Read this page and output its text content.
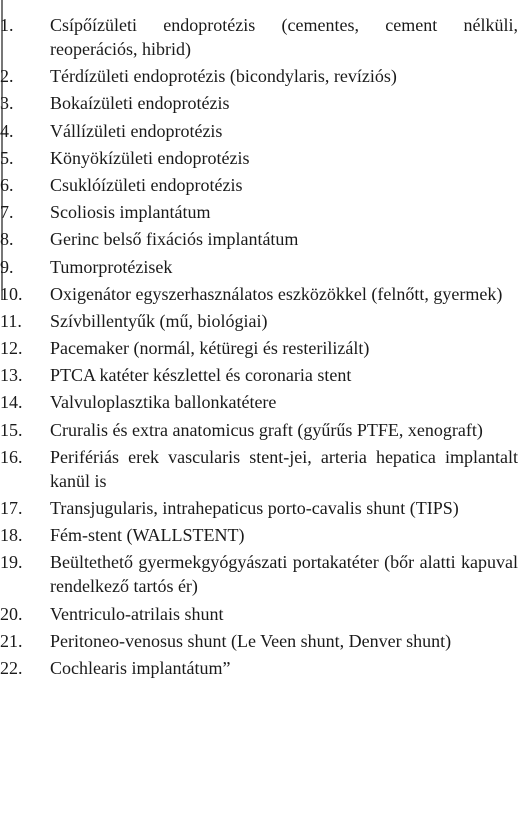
1.	Csípőízületi endoprotézis (cementes, cement nélküli, reoperációs, hibrid)
2.	Térdízületi endoprotézis (bicondylaris, revíziós)
3.	Bokaízületi endoprotézis
4.	Vállízületi endoprotézis
5.	Könyökízületi endoprotézis
6.	Csuklóízületi endoprotézis
7.	Scoliosis implantátum
8.	Gerinc belső fixációs implantátum
9.	Tumorprotézisek
10.	Oxigenátor egyszerhasználatos eszközökkel (felnőtt, gyermek)
11.	Szívbillentyűk (mű, biológiai)
12.	Pacemaker (normál, kétüregi és resterilizált)
13.	PTCA katéter készlettel és coronaria stent
14.	Valvuloplasztika ballonkatétere
15.	Cruralis és extra anatomicus graft (gyűrűs PTFE, xenograft)
16.	Perifériás erek vascularis stent-jei, arteria hepatica implantalt kanül is
17.	Transjugularis, intrahepaticus porto-cavalis shunt (TIPS)
18.	Fém-stent (WALLSTENT)
19.	Beültethető gyermekgyógyászati portakatéter (bőr alatti kapuval rendelkező tartós ér)
20.	Ventriculo-atrilais shunt
21.	Peritoneo-venosus shunt (Le Veen shunt, Denver shunt)
22.	Cochlearis implantátum”
